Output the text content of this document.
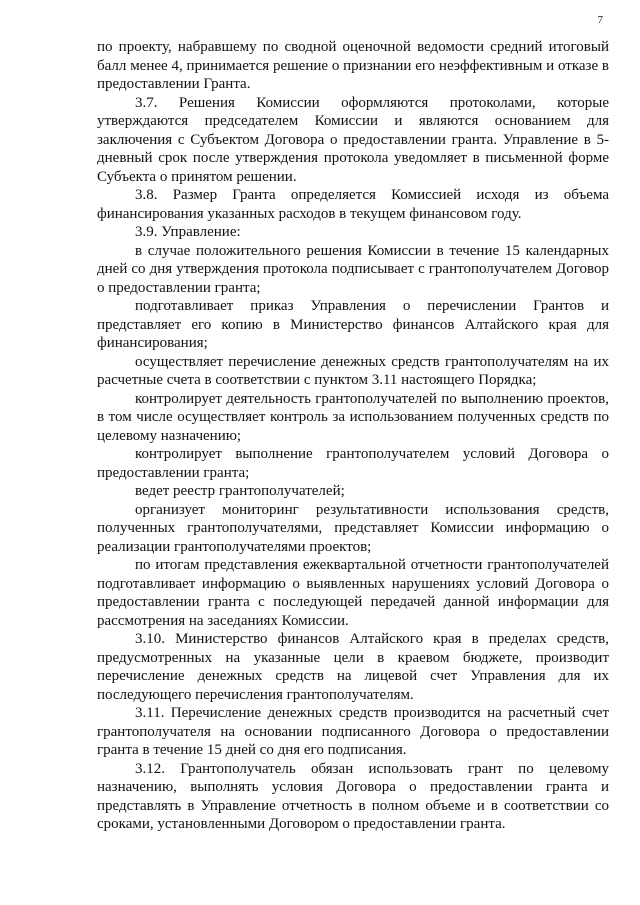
7

по проекту, набравшему по сводной оценочной ведомости средний итоговый балл менее 4, принимается решение о признании его неэффективным и отказе в предоставлении Гранта.

3.7. Решения Комиссии оформляются протоколами, которые утверждаются председателем Комиссии и являются основанием для заключения с Субъектом Договора о предоставлении гранта. Управление в 5-дневный срок после утверждения протокола уведомляет в письменной форме Субъекта о принятом решении.

3.8. Размер Гранта определяется Комиссией исходя из объема финансирования указанных расходов в текущем финансовом году.

3.9. Управление:

в случае положительного решения Комиссии в течение 15 календарных дней со дня утверждения протокола подписывает с грантополучателем Договор о предоставлении гранта;

подготавливает приказ Управления о перечислении Грантов и представляет его копию в Министерство финансов Алтайского края для финансирования;

осуществляет перечисление денежных средств грантополучателям на их расчетные счета в соответствии с пунктом 3.11 настоящего Порядка;

контролирует деятельность грантополучателей по выполнению проектов, в том числе осуществляет контроль за использованием полученных средств по целевому назначению;

контролирует выполнение грантополучателем условий Договора о предоставлении гранта;

ведет реестр грантополучателей;

организует мониторинг результативности использования средств, полученных грантополучателями, представляет Комиссии информацию о реализации грантополучателями проектов;

по итогам представления ежеквартальной отчетности грантополучателей подготавливает информацию о выявленных нарушениях условий Договора о предоставлении гранта с последующей передачей данной информации для рассмотрения на заседаниях Комиссии.

3.10. Министерство финансов Алтайского края в пределах средств, предусмотренных на указанные цели в краевом бюджете, производит перечисление денежных средств на лицевой счет Управления для их последующего перечисления грантополучателям.

3.11. Перечисление денежных средств производится на расчетный счет грантополучателя на основании подписанного Договора о предоставлении гранта в течение 15 дней со дня его подписания.

3.12. Грантополучатель обязан использовать грант по целевому назначению, выполнять условия Договора о предоставлении гранта и представлять в Управление отчетность в полном объеме и в соответствии со сроками, установленными Договором о предоставлении гранта.
